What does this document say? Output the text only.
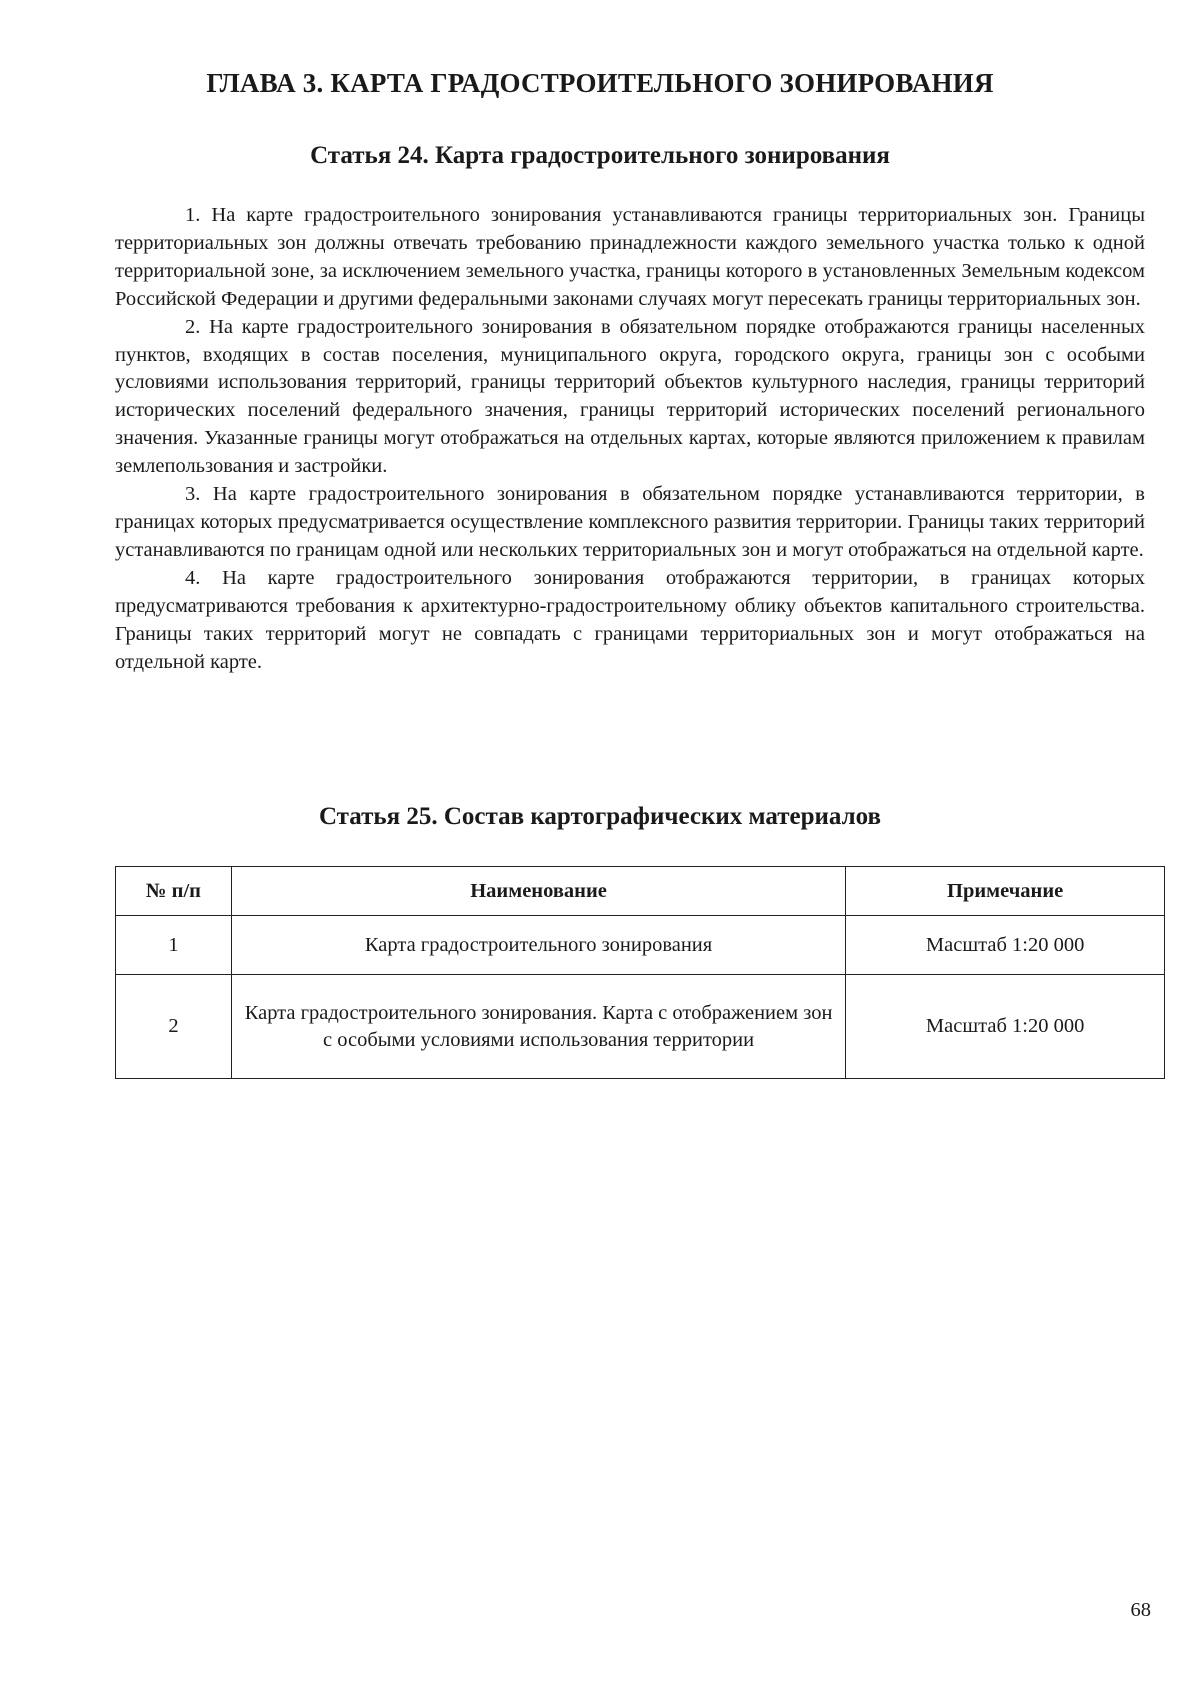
ГЛАВА 3. КАРТА ГРАДОСТРОИТЕЛЬНОГО ЗОНИРОВАНИЯ
Статья 24. Карта градостроительного зонирования

1. На карте градостроительного зонирования устанавливаются границы территориальных зон. Границы территориальных зон должны отвечать требованию принадлежности каждого земельного участка только к одной территориальной зоне, за исключением земельного участка, границы которого в установленных Земельным кодексом Российской Федерации и другими федеральными законами случаях могут пересекать границы территориальных зон.

2. На карте градостроительного зонирования в обязательном порядке отображаются границы населенных пунктов, входящих в состав поселения, муниципального округа, городского округа, границы зон с особыми условиями использования территорий, границы территорий объектов культурного наследия, границы территорий исторических поселений федерального значения, границы территорий исторических поселений регионального значения. Указанные границы могут отображаться на отдельных картах, которые являются приложением к правилам землепользования и застройки.

3. На карте градостроительного зонирования в обязательном порядке устанавливаются территории, в границах которых предусматривается осуществление комплексного развития территории. Границы таких территорий устанавливаются по границам одной или нескольких территориальных зон и могут отображаться на отдельной карте.

4. На карте градостроительного зонирования отображаются территории, в границах которых предусматриваются требования к архитектурно-градостроительному облику объектов капитального строительства. Границы таких территорий могут не совпадать с границами территориальных зон и могут отображаться на отдельной карте.

Статья 25. Состав картографических материалов
№ п/п	Наименование	Примечание
1	Карта градостроительного зонирования	Масштаб 1:20 000
2	Карта градостроительного зонирования. Карта с отображением зон с особыми условиями использования территории	Масштаб 1:20 000
68
